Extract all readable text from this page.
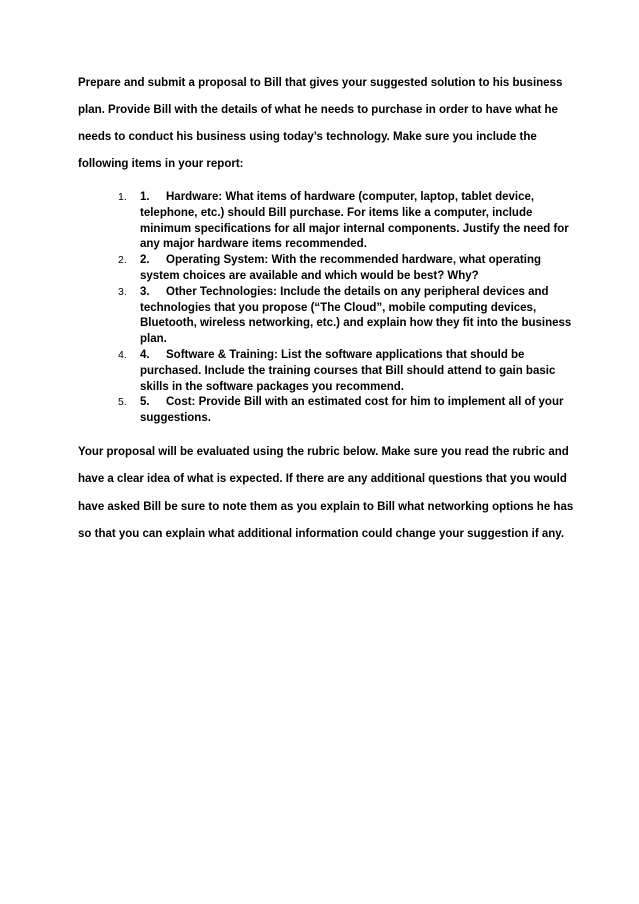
Prepare and submit a proposal to Bill that gives your suggested solution to his business plan. Provide Bill with the details of what he needs to purchase in order to have what he needs to conduct his business using today’s technology. Make sure you include the following items in your report:

1.	1. Hardware: What items of hardware (computer, laptop, tablet device, telephone, etc.) should Bill purchase. For items like a computer, include minimum specifications for all major internal components. Justify the need for any major hardware items recommended.
2.	2. Operating System: With the recommended hardware, what operating system choices are available and which would be best? Why?
3.	3. Other Technologies: Include the details on any peripheral devices and technologies that you propose (“The Cloud”, mobile computing devices, Bluetooth, wireless networking, etc.) and explain how they fit into the business plan.
4.	4. Software & Training: List the software applications that should be purchased. Include the training courses that Bill should attend to gain basic skills in the software packages you recommend.
5.	5. Cost: Provide Bill with an estimated cost for him to implement all of your suggestions.

Your proposal will be evaluated using the rubric below. Make sure you read the rubric and have a clear idea of what is expected. If there are any additional questions that you would have asked Bill be sure to note them as you explain to Bill what networking options he has so that you can explain what additional information could change your suggestion if any.
